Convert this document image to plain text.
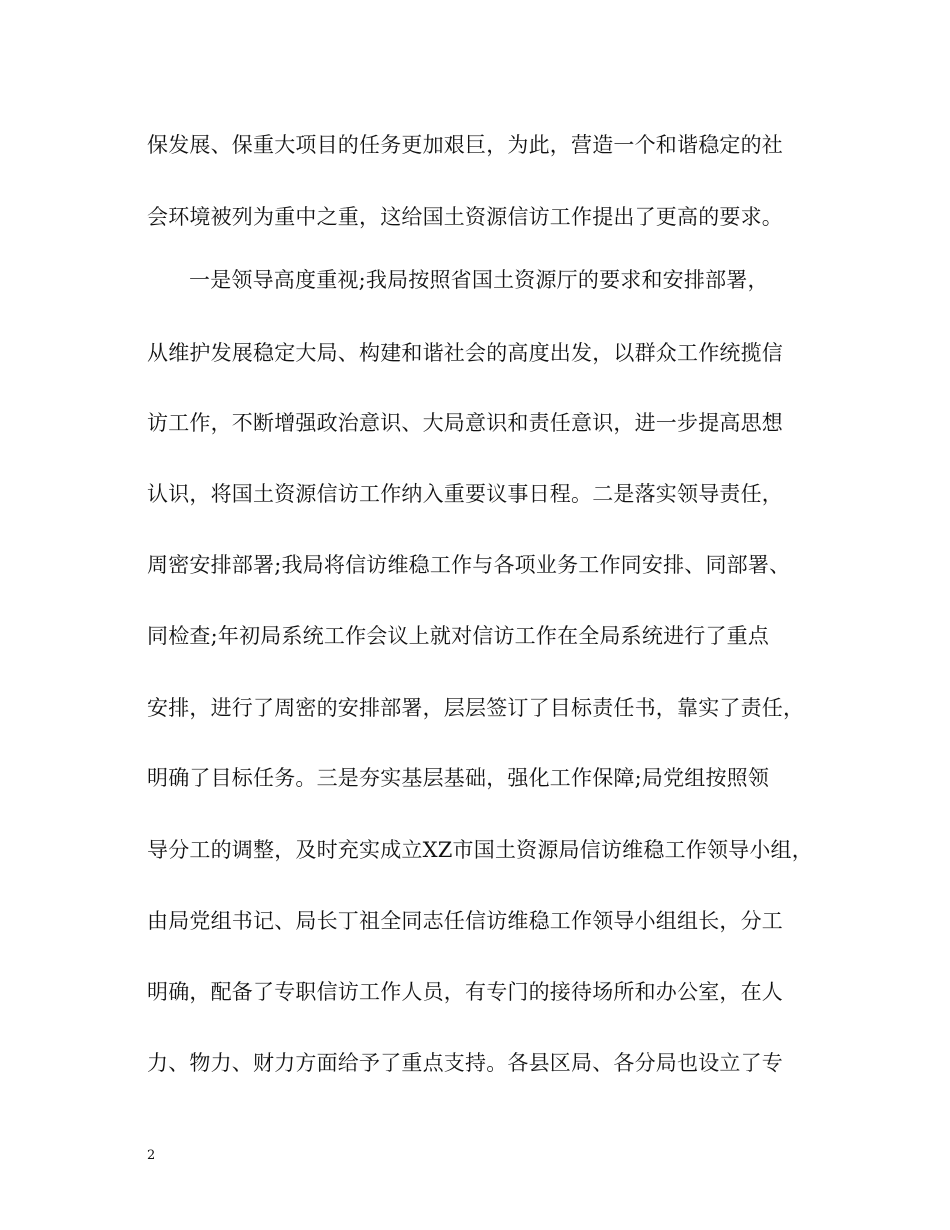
保发展、保重大项目的任务更加艰巨，为此，营造一个和谐稳定的社
会环境被列为重中之重，这给国土资源信访工作提出了更高的要求。
一是领导高度重视;我局按照省国土资源厅的要求和安排部署，
从维护发展稳定大局、构建和谐社会的高度出发，以群众工作统揽信
访工作，不断增强政治意识、大局意识和责任意识，进一步提高思想
认识，将国土资源信访工作纳入重要议事日程。二是落实领导责任，
周密安排部署;我局将信访维稳工作与各项业务工作同安排、同部署、
同检查;年初局系统工作会议上就对信访工作在全局系统进行了重点
安排，进行了周密的安排部署，层层签订了目标责任书，靠实了责任，
明确了目标任务。三是夯实基层基础，强化工作保障;局党组按照领
导分工的调整，及时充实成立XZ市国土资源局信访维稳工作领导小组，
由局党组书记、局长丁祖全同志任信访维稳工作领导小组组长，分工
明确，配备了专职信访工作人员，有专门的接待场所和办公室，在人
力、物力、财力方面给予了重点支持。各县区局、各分局也设立了专
2
